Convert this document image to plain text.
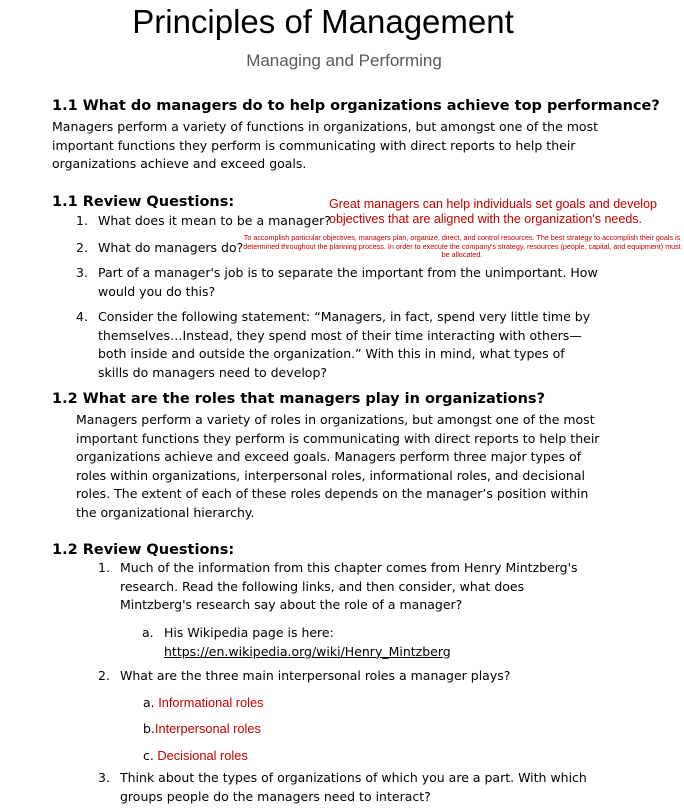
Principles of Management
Managing and Performing
1.1 What do managers do to help organizations achieve top performance?
Managers perform a variety of functions in organizations, but amongst one of the most important functions they perform is communicating with direct reports to help their organizations achieve and exceed goals.
1.1 Review Questions:
1. What does it mean to be a manager?
2. What do managers do?
3. Part of a manager's job is to separate the important from the unimportant. How would you do this?
4. Consider the following statement: “Managers, in fact, spend very little time by themselves…Instead, they spend most of their time interacting with others—both inside and outside the organization.” With this in mind, what types of skills do managers need to develop?
Great managers can help individuals set goals and develop
objectives that are aligned with the organization's needs.
To accomplish particular objectives, managers plan, organize, direct, and control resources. The best strategy to accomplish their goals is determined throughout the planning process. In order to execute the company's strategy, resources (people, capital, and equipment) must be allocated.
1.2 What are the roles that managers play in organizations?
Managers perform a variety of roles in organizations, but amongst one of the most important functions they perform is communicating with direct reports to help their organizations achieve and exceed goals. Managers perform three major types of roles within organizations, interpersonal roles, informational roles, and decisional roles. The extent of each of these roles depends on the manager’s position within the organizational hierarchy.
1.2 Review Questions:
1. Much of the information from this chapter comes from Henry Mintzberg's research. Read the following links, and then consider, what does Mintzberg's research say about the role of a manager?
a. His Wikipedia page is here:
https://en.wikipedia.org/wiki/Henry_Mintzberg
2. What are the three main interpersonal roles a manager plays?
a. Informational roles
b.Interpersonal roles
c. Decisional roles
3. Think about the types of organizations of which you are a part. With which groups people do the managers need to interact?
